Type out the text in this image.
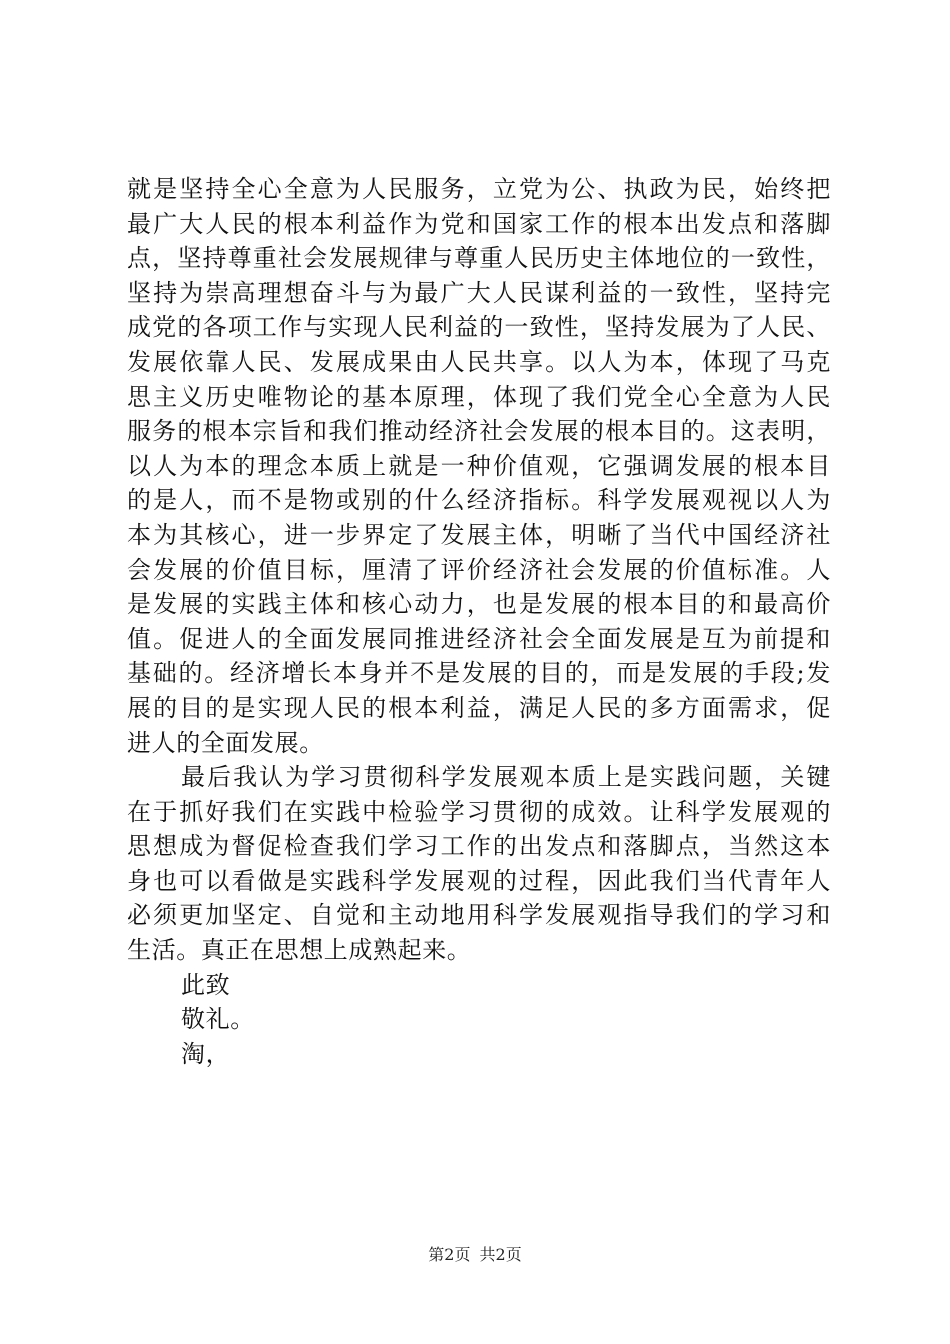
就是坚持全心全意为人民服务，立党为公、执政为民，始终把
最广大人民的根本利益作为党和国家工作的根本出发点和落脚
点，坚持尊重社会发展规律与尊重人民历史主体地位的一致性，
坚持为崇高理想奋斗与为最广大人民谋利益的一致性，坚持完
成党的各项工作与实现人民利益的一致性，坚持发展为了人民、
发展依靠人民、发展成果由人民共享。以人为本，体现了马克
思主义历史唯物论的基本原理，体现了我们党全心全意为人民
服务的根本宗旨和我们推动经济社会发展的根本目的。这表明，
以人为本的理念本质上就是一种价值观，它强调发展的根本目
的是人，而不是物或别的什么经济指标。科学发展观视以人为
本为其核心，进一步界定了发展主体，明晰了当代中国经济社
会发展的价值目标，厘清了评价经济社会发展的价值标准。人
是发展的实践主体和核心动力，也是发展的根本目的和最高价
值。促进人的全面发展同推进经济社会全面发展是互为前提和
基础的。经济增长本身并不是发展的目的，而是发展的手段;发
展的目的是实现人民的根本利益，满足人民的多方面需求，促
进人的全面发展。
最后我认为学习贯彻科学发展观本质上是实践问题，关键
在于抓好我们在实践中检验学习贯彻的成效。让科学发展观的
思想成为督促检查我们学习工作的出发点和落脚点，当然这本
身也可以看做是实践科学发展观的过程，因此我们当代青年人
必须更加坚定、自觉和主动地用科学发展观指导我们的学习和
生活。真正在思想上成熟起来。
此致
敬礼。
淘，
第2页 共2页
